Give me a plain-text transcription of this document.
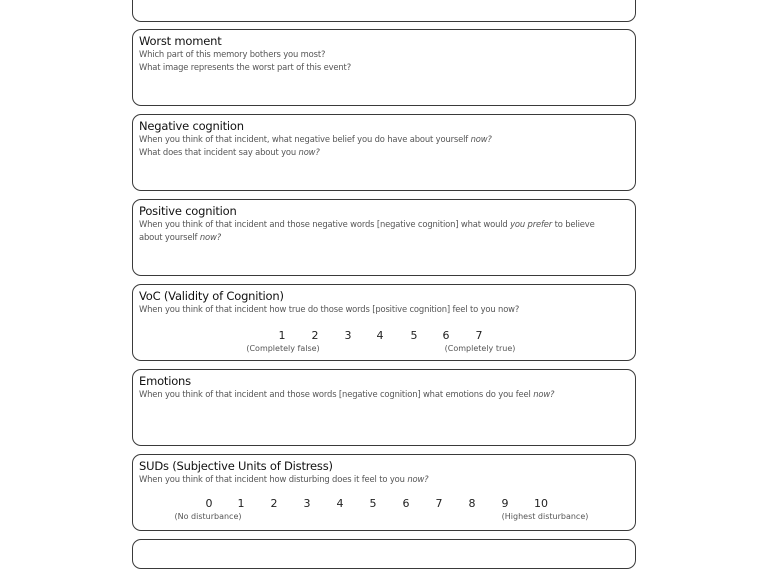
Worst moment
Which part of this memory bothers you most?
What image represents the worst part of this event?
Negative cognition
When you think of that incident, what negative belief you do have about yourself now?
What does that incident say about you now?
Positive cognition
When you think of that incident and those negative words [negative cognition] what would you prefer to believe about yourself now?
VoC (Validity of Cognition)
When you think of that incident how true do those words [positive cognition] feel to you now?
1 2 3 4 5 6 7
(Completely false)	(Completely true)
Emotions
When you think of that incident and those words [negative cognition] what emotions do you feel now?
SUDs (Subjective Units of Distress)
When you think of that incident how disturbing does it feel to you now?
0 1 2 3 4 5 6 7 8 9 10
(No disturbance)	(Highest disturbance)
